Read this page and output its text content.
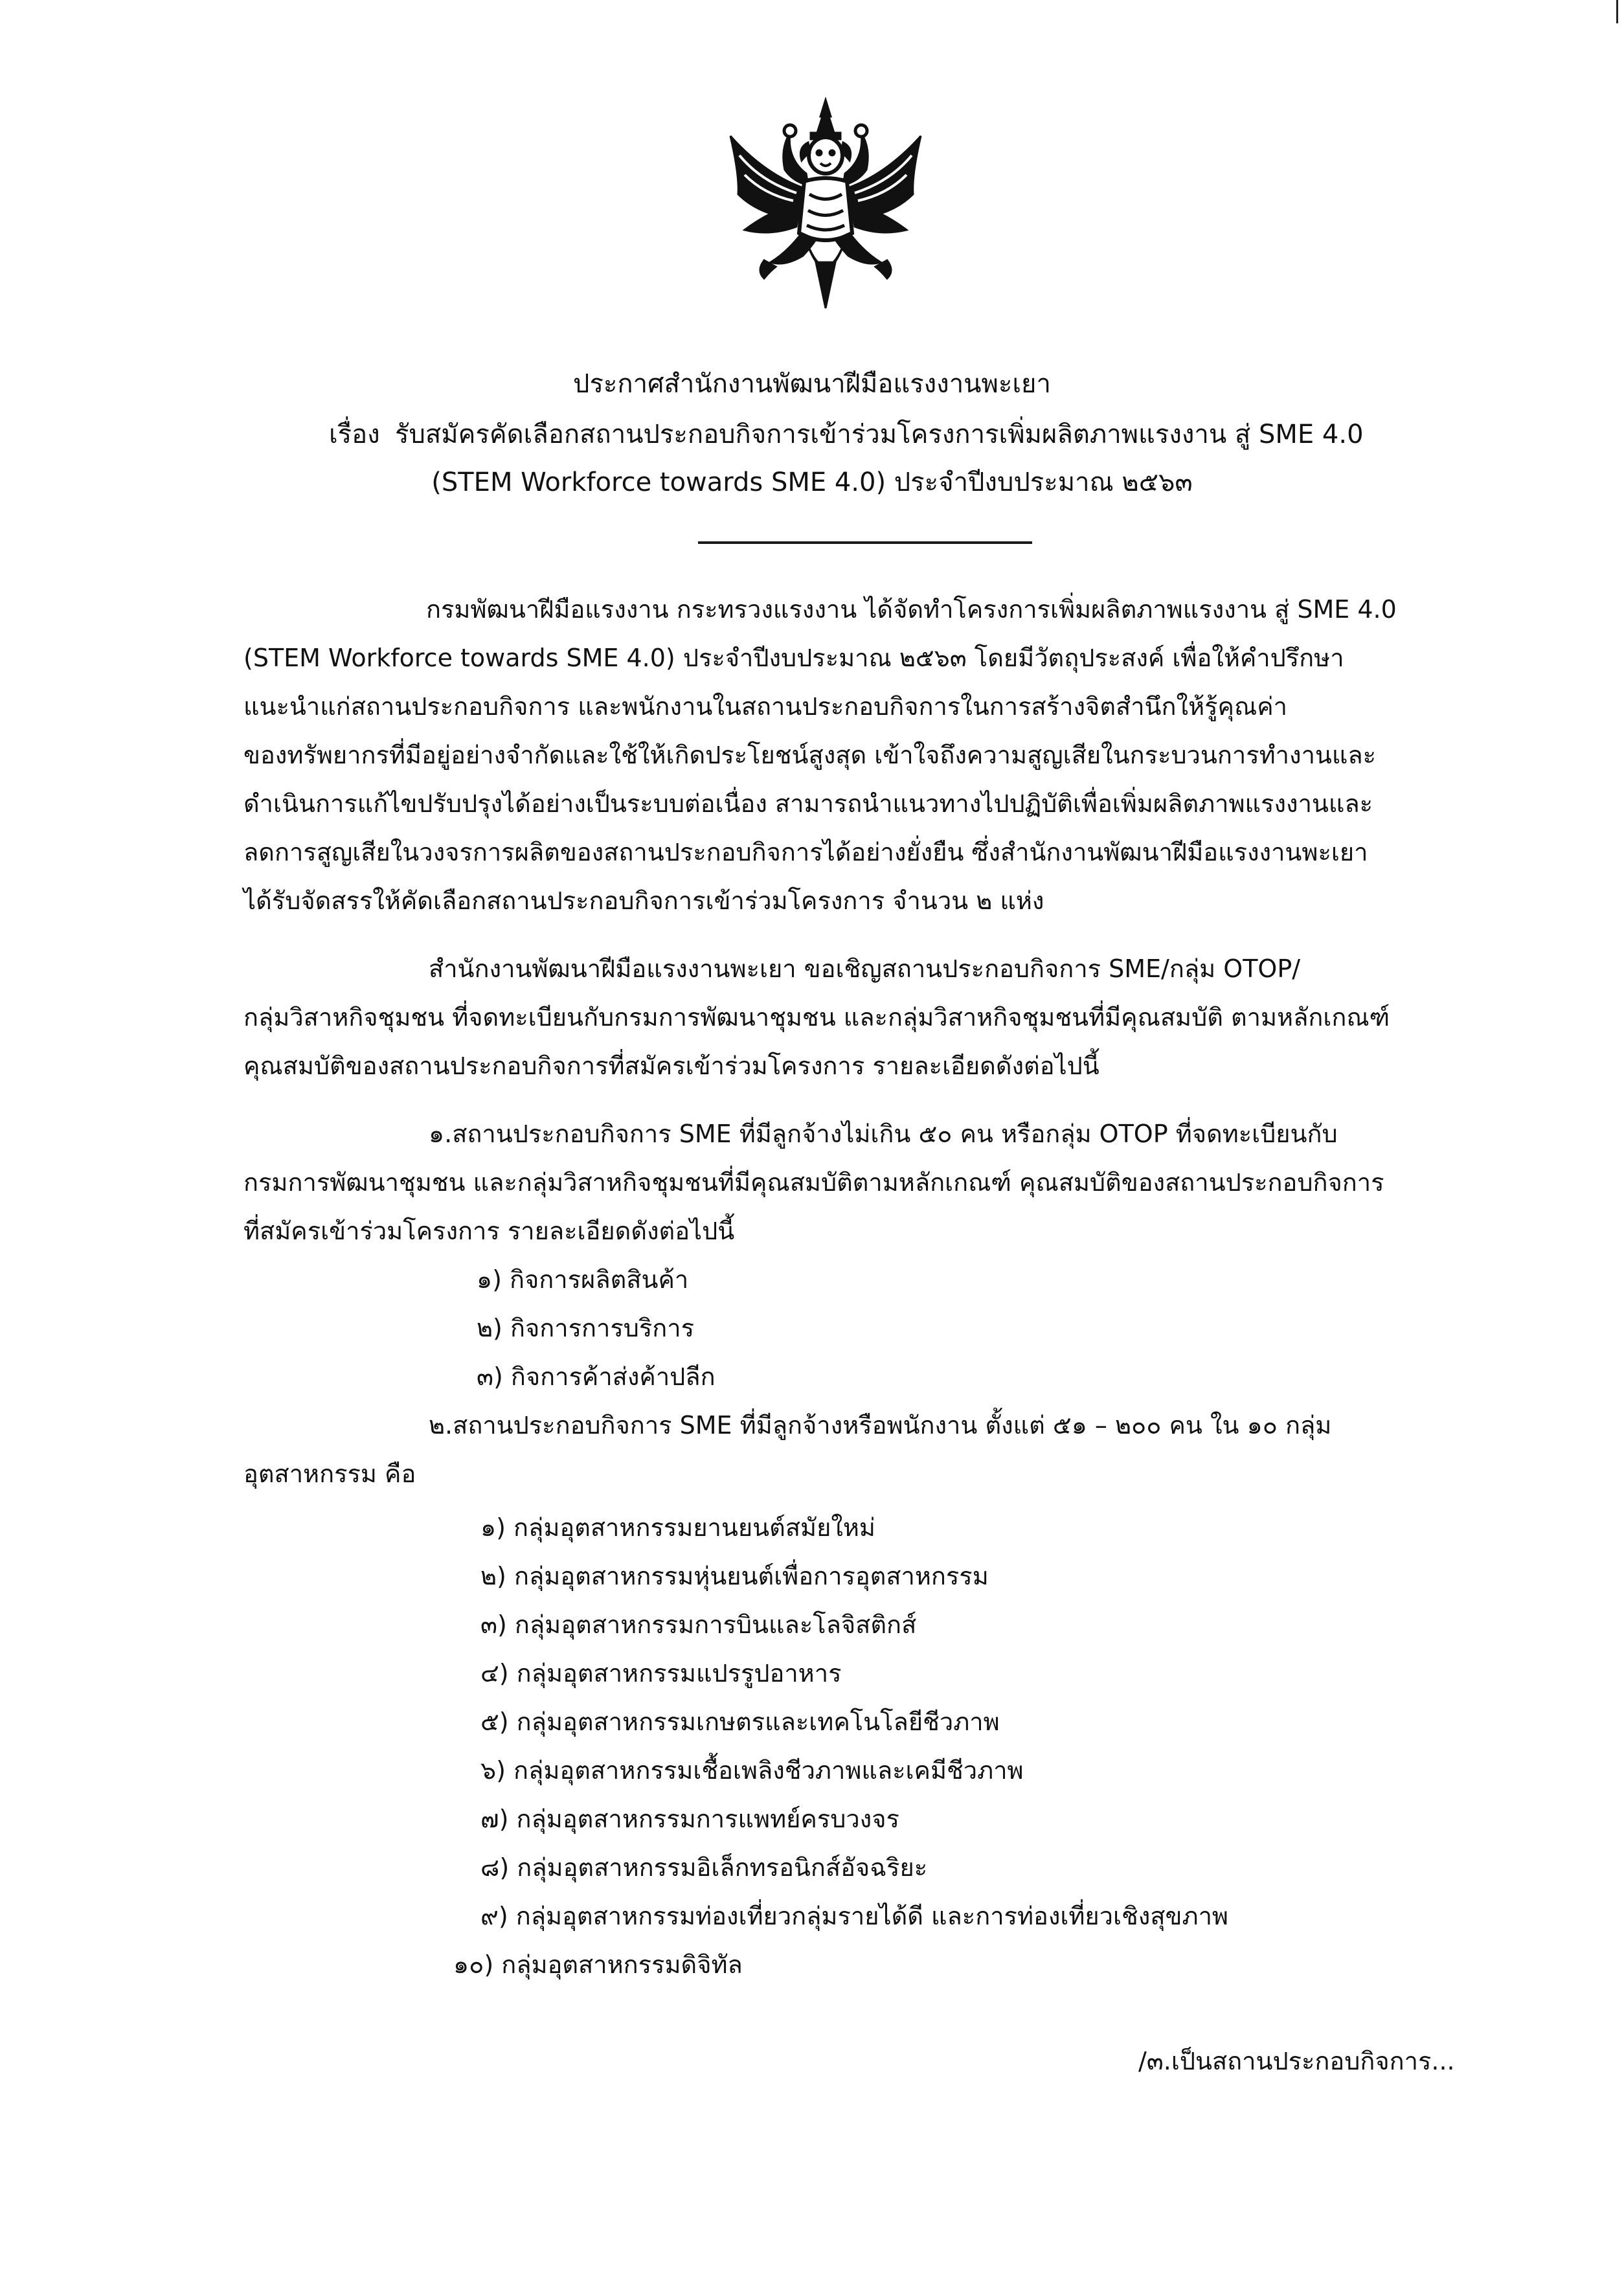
ประกาศสำนักงานพัฒนาฝีมือแรงงานพะเยา
เรื่อง รับสมัครคัดเลือกสถานประกอบกิจการเข้าร่วมโครงการเพิ่มผลิตภาพแรงงาน สู่ SME 4.0
(STEM Workforce towards SME 4.0) ประจำปีงบประมาณ ๒๕๖๓
กรมพัฒนาฝีมือแรงงาน กระทรวงแรงงาน ได้จัดทำโครงการเพิ่มผลิตภาพแรงงาน สู่ SME 4.0
(STEM Workforce towards SME 4.0) ประจำปีงบประมาณ ๒๕๖๓ โดยมีวัตถุประสงค์ เพื่อให้คำปรึกษา
แนะนำแก่สถานประกอบกิจการ และพนักงานในสถานประกอบกิจการในการสร้างจิตสำนึกให้รู้คุณค่า
ของทรัพยากรที่มีอยู่อย่างจำกัดและใช้ให้เกิดประโยชน์สูงสุด เข้าใจถึงความสูญเสียในกระบวนการทำงานและ
ดำเนินการแก้ไขปรับปรุงได้อย่างเป็นระบบต่อเนื่อง สามารถนำแนวทางไปปฏิบัติเพื่อเพิ่มผลิตภาพแรงงานและ
ลดการสูญเสียในวงจรการผลิตของสถานประกอบกิจการได้อย่างยั่งยืน ซึ่งสำนักงานพัฒนาฝีมือแรงงานพะเยา
ได้รับจัดสรรให้คัดเลือกสถานประกอบกิจการเข้าร่วมโครงการ จำนวน ๒ แห่ง
สำนักงานพัฒนาฝีมือแรงงานพะเยา ขอเชิญสถานประกอบกิจการ SME/กลุ่ม OTOP/
กลุ่มวิสาหกิจชุมชน ที่จดทะเบียนกับกรมการพัฒนาชุมชน และกลุ่มวิสาหกิจชุมชนที่มีคุณสมบัติ ตามหลักเกณฑ์
คุณสมบัติของสถานประกอบกิจการที่สมัครเข้าร่วมโครงการ รายละเอียดดังต่อไปนี้
๑.สถานประกอบกิจการ SME ที่มีลูกจ้างไม่เกิน ๕๐ คน หรือกลุ่ม OTOP ที่จดทะเบียนกับ
กรมการพัฒนาชุมชน และกลุ่มวิสาหกิจชุมชนที่มีคุณสมบัติตามหลักเกณฑ์ คุณสมบัติของสถานประกอบกิจการ
ที่สมัครเข้าร่วมโครงการ รายละเอียดดังต่อไปนี้
๑) กิจการผลิตสินค้า
๒) กิจการการบริการ
๓) กิจการค้าส่งค้าปลีก
๒.สถานประกอบกิจการ SME ที่มีลูกจ้างหรือพนักงาน ตั้งแต่ ๕๑ – ๒๐๐ คน ใน ๑๐ กลุ่ม
อุตสาหกรรม คือ
๑) กลุ่มอุตสาหกรรมยานยนต์สมัยใหม่
๒) กลุ่มอุตสาหกรรมหุ่นยนต์เพื่อการอุตสาหกรรม
๓) กลุ่มอุตสาหกรรมการบินและโลจิสติกส์
๔) กลุ่มอุตสาหกรรมแปรรูปอาหาร
๕) กลุ่มอุตสาหกรรมเกษตรและเทคโนโลยีชีวภาพ
๖) กลุ่มอุตสาหกรรมเชื้อเพลิงชีวภาพและเคมีชีวภาพ
๗) กลุ่มอุตสาหกรรมการแพทย์ครบวงจร
๘) กลุ่มอุตสาหกรรมอิเล็กทรอนิกส์อัจฉริยะ
๙) กลุ่มอุตสาหกรรมท่องเที่ยวกลุ่มรายได้ดี และการท่องเที่ยวเชิงสุขภาพ
๑๐) กลุ่มอุตสาหกรรมดิจิทัล
/๓.เป็นสถานประกอบกิจการ...
